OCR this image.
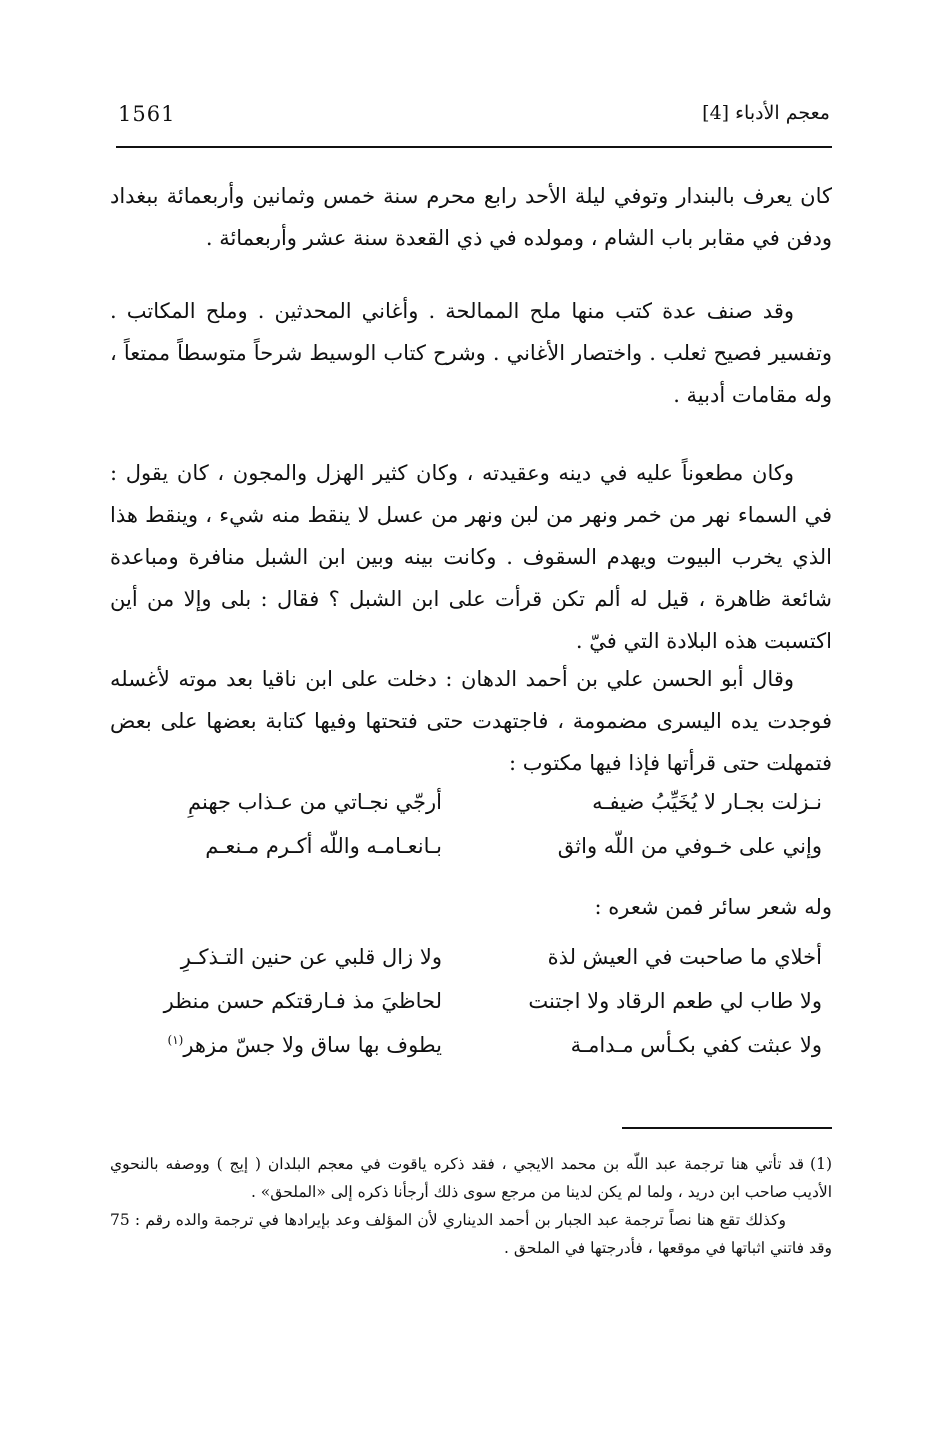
1561	معجم الأدباء [4]

كان يعرف بالبندار وتوفي ليلة الأحد رابع محرم سنة خمس وثمانين وأربعمائة ببغداد ودفن في مقابر باب الشام ، ومولده في ذي القعدة سنة عشر وأربعمائة .

وقد صنف عدة كتب منها ملح الممالحة . وأغاني المحدثين . وملح المكاتب . وتفسير فصيح ثعلب . واختصار الأغاني . وشرح كتاب الوسيط شرحاً متوسطاً ممتعاً ، وله مقامات أدبية .

وكان مطعوناً عليه في دينه وعقيدته ، وكان كثير الهزل والمجون ، كان يقول : في السماء نهر من خمر ونهر من لبن ونهر من عسل لا ينقط منه شيء ، وينقط هذا الذي يخرب البيوت ويهدم السقوف . وكانت بينه وبين ابن الشبل منافرة ومباعدة شائعة ظاهرة ، قيل له ألم تكن قرأت على ابن الشبل ؟ فقال : بلى وإلا من أين اكتسبت هذه البلادة التي فيّ .

وقال أبو الحسن علي بن أحمد الدهان : دخلت على ابن ناقيا بعد موته لأغسله فوجدت يده اليسرى مضمومة ، فاجتهدت حتى فتحتها وفيها كتابة بعضها على بعض فتمهلت حتى قرأتها فإذا فيها مكتوب :

نـزلت بجـار لا يُخَيِّبُ ضيفـه
أرجّي نجـاتي من عـذاب جهنمِ
وإني على خـوفي من اللّه واثق
بـانعـامـه واللّه أكـرم مـنعـم
وله شعر سائر فمن شعره :
أخلاي ما صاحبت في العيش لذة
ولا زال قلبي عن حنين التـذكـرِ
ولا طاب لي طعم الرقاد ولا اجتنت
لحاظيَ مذ فـارقتكم حسن منظر
ولا عبثت كفي بكـأس مـدامـة
يطوف بها ساق ولا جسّ مزهر$^{(١)}$
(1)قد تأتي هنا ترجمة عبد اللّه بن محمد الايجي ، فقد ذكره ياقوت في معجم البلدان ( إيج ) ووصفه بالنحوي الأديب صاحب ابن دريد ، ولما لم يكن لدينا من مرجع سوى ذلك أرجأنا ذكره إلى «الملحق» .
وكذلك تقع هنا نصاً ترجمة عبد الجبار بن أحمد الديناري لأن المؤلف وعد بإيرادها في ترجمة والده رقم : 75 وقد فاتني اثباتها في موقعها ، فأدرجتها في الملحق .
